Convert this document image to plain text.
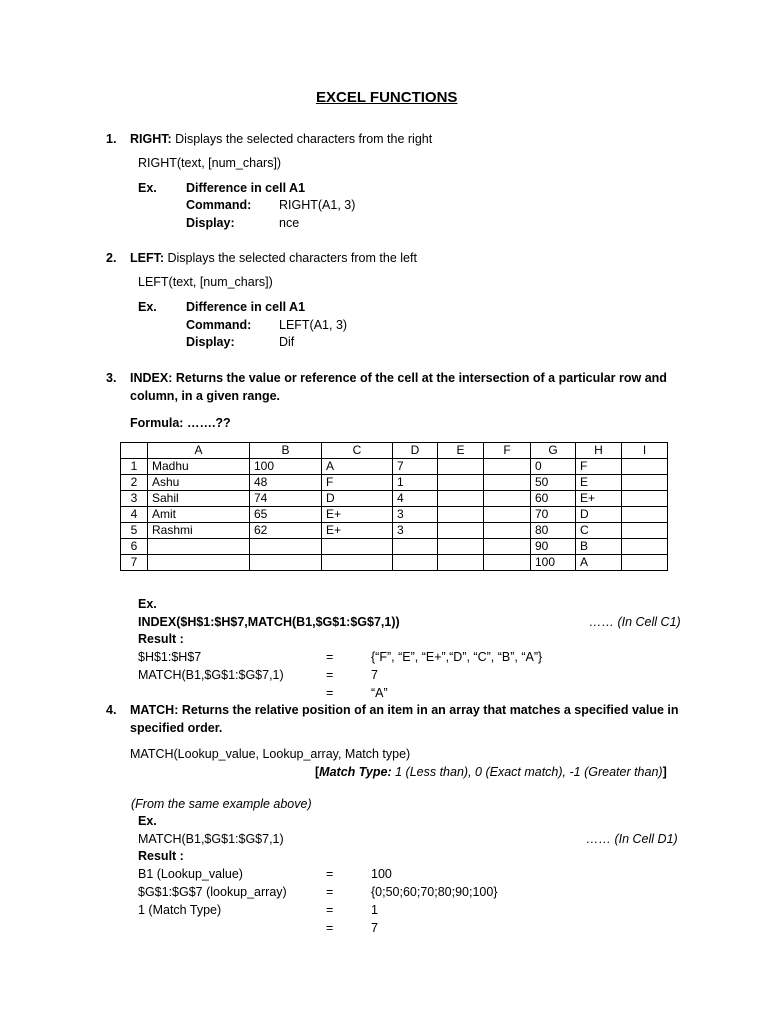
EXCEL FUNCTIONS
1. RIGHT: Displays the selected characters from the right
RIGHT(text, [num_chars])
Ex. Difference in cell A1
Command: RIGHT(A1, 3)
Display:	nce
2. LEFT: Displays the selected characters from the left
LEFT(text, [num_chars])
Ex. Difference in cell A1
Command: LEFT(A1, 3)
Display:	Dif
3. INDEX: Returns the value or reference of the cell at the intersection of a particular row and
column, in a given range.
Formula: …….??
	A	B	C	D	E	F	G	H	I
1	Madhu	100	A	7			0	F	
2	Ashu	48	F	1			50	E	
3	Sahil	74	D	4			60	E+	
4	Amit	65	E+	3			70	D	
5	Rashmi	62	E+	3			80	C	
6							90	B	
7							100	A	
Ex.
INDEX($H$1:$H$7,MATCH(B1,$G$1:$G$7,1))	…… (In Cell C1)
Result :
$H$1:$H$7	=	{“F”, “E”, “E+”,“D”, “C”, “B”, “A”}
MATCH(B1,$G$1:$G$7,1)	=	7
=	“A”
4. MATCH: Returns the relative position of an item in an array that matches a specified value in
specified order.
MATCH(Lookup_value, Lookup_array, Match type)
[Match Type: 1 (Less than), 0 (Exact match), -1 (Greater than)]
(From the same example above)
Ex.
MATCH(B1,$G$1:$G$7,1)	…… (In Cell D1)
Result :
B1 (Lookup_value)	=	100
$G$1:$G$7 (lookup_array)	=	{0;50;60;70;80;90;100}
1 (Match Type)	=	1
=	7
